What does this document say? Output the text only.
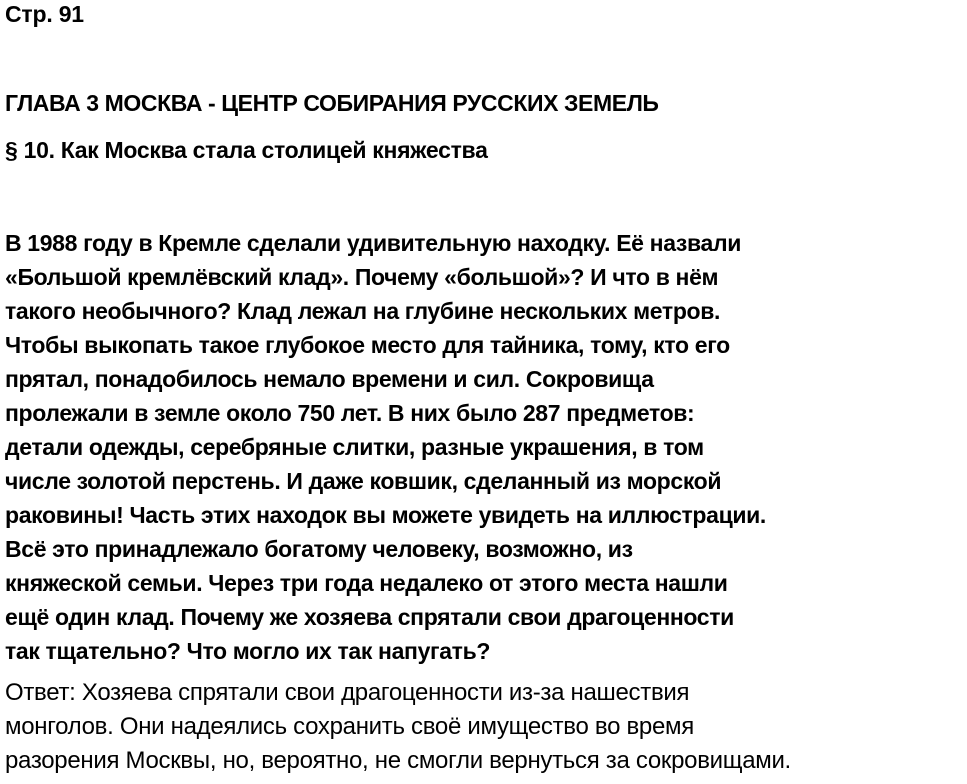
Стр. 91
ГЛАВА 3 МОСКВА - ЦЕНТР СОБИРАНИЯ РУССКИХ ЗЕМЕЛЬ
§ 10. Как Москва стала столицей княжества
В 1988 году в Кремле сделали удивительную находку. Её назвали
«Большой кремлёвский клад». Почему «большой»? И что в нём
такого необычного? Клад лежал на глубине нескольких метров.
Чтобы выкопать такое глубокое место для тайника, тому, кто его
прятал, понадобилось немало времени и сил. Сокровища
пролежали в земле около 750 лет. В них было 287 предметов:
детали одежды, серебряные слитки, разные украшения, в том
числе золотой перстень. И даже ковшик, сделанный из морской
раковины! Часть этих находок вы можете увидеть на иллюстрации.
Всё это принадлежало богатому человеку, возможно, из
княжеской семьи. Через три года недалеко от этого места нашли
ещё один клад. Почему же хозяева спрятали свои драгоценности
так тщательно? Что могло их так напугать?
Ответ: Хозяева спрятали свои драгоценности из-за нашествия
монголов. Они надеялись сохранить своё имущество во время
разорения Москвы, но, вероятно, не смогли вернуться за сокровищами.
